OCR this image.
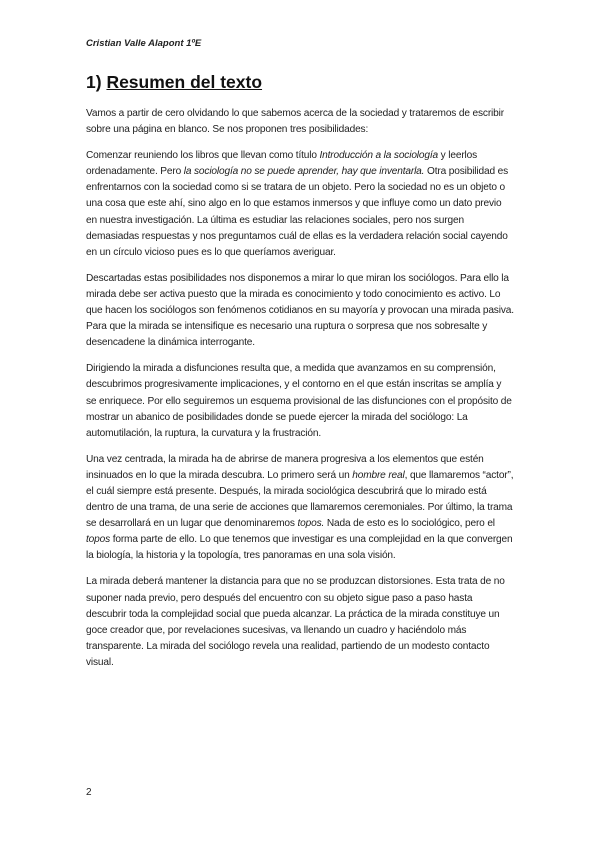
Cristian Valle Alapont 1ºE
1) Resumen del texto

Vamos a partir de cero olvidando lo que sabemos acerca de la sociedad y trataremos de escribir sobre una página en blanco. Se nos proponen tres posibilidades:

Comenzar reuniendo los libros que llevan como título Introducción a la sociología y leerlos ordenadamente. Pero la sociología no se puede aprender, hay que inventarla. Otra posibilidad es enfrentarnos con la sociedad como si se tratara de un objeto. Pero la sociedad no es un objeto o una cosa que este ahí, sino algo en lo que estamos inmersos y que influye como un dato previo en nuestra investigación. La última es estudiar las relaciones sociales, pero nos surgen demasiadas respuestas y nos preguntamos cuál de ellas es la verdadera relación social cayendo en un círculo vicioso pues es lo que queríamos averiguar.

Descartadas estas posibilidades nos disponemos a mirar lo que miran los sociólogos. Para ello la mirada debe ser activa puesto que la mirada es conocimiento y todo conocimiento es activo. Lo que hacen los sociólogos son fenómenos cotidianos en su mayoría y provocan una mirada pasiva. Para que la mirada se intensifique es necesario una ruptura o sorpresa que nos sobresalte y desencadene la dinámica interrogante.

Dirigiendo la mirada a disfunciones resulta que, a medida que avanzamos en su comprensión, descubrimos progresivamente implicaciones, y el contorno en el que están inscritas se amplía y se enriquece. Por ello seguiremos un esquema provisional de las disfunciones con el propósito de mostrar un abanico de posibilidades donde se puede ejercer la mirada del sociólogo: La automutilación, la ruptura, la curvatura y la frustración.

Una vez centrada, la mirada ha de abrirse de manera progresiva a los elementos que estén insinuados en lo que la mirada descubra. Lo primero será un hombre real, que llamaremos “actor”, el cuál siempre está presente. Después, la mirada sociológica descubrirá que lo mirado está dentro de una trama, de una serie de acciones que llamaremos ceremoniales. Por último, la trama se desarrollará en un lugar que denominaremos topos. Nada de esto es lo sociológico, pero el topos forma parte de ello. Lo que tenemos que investigar es una complejidad en la que convergen la biología, la historia y la topología, tres panoramas en una sola visión.

La mirada deberá mantener la distancia para que no se produzcan distorsiones. Esta trata de no suponer nada previo, pero después del encuentro con su objeto sigue paso a paso hasta descubrir toda la complejidad social que pueda alcanzar. La práctica de la mirada constituye un goce creador que, por revelaciones sucesivas, va llenando un cuadro y haciéndolo más transparente. La mirada del sociólogo revela una realidad, partiendo de un modesto contacto visual.

2
